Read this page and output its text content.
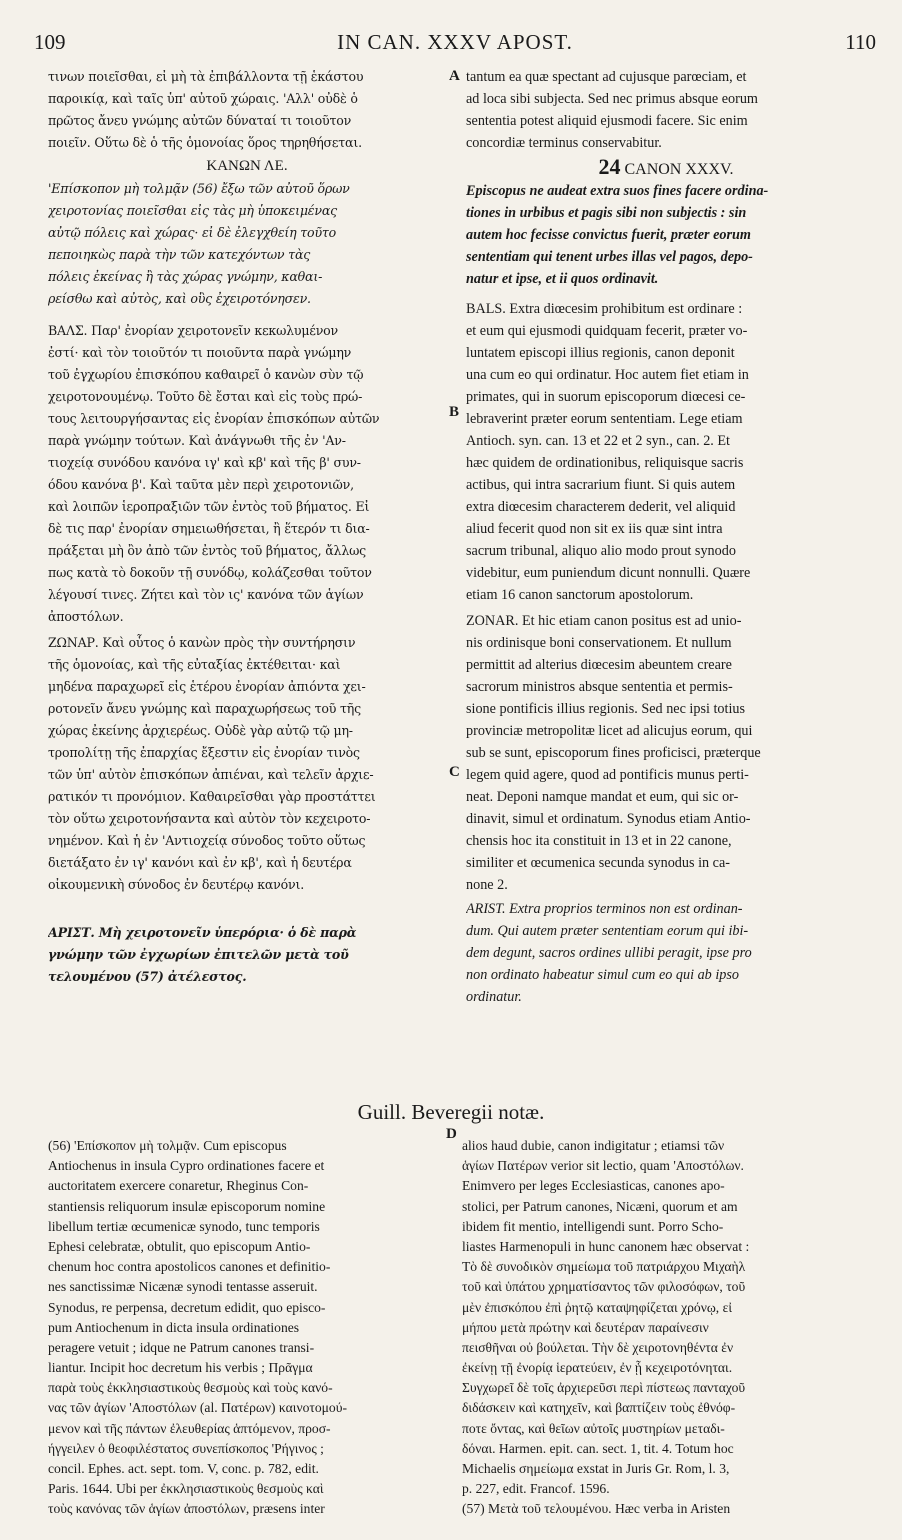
109	IN CAN. XXXV APOST.	110
A
B
C
D
τινων ποιεῖσθαι, εἰ μὴ τὰ ἐπιβάλλοντα τῇ ἑκάστου
παροικίᾳ, καὶ ταῖς ὑπ' αὐτοῦ χώραις. 'Αλλ' οὐδὲ ὁ
πρῶτος ἄνευ γνώμης αὐτῶν δύναταί τι τοιοῦτον
ποιεῖν. Οὕτω δὲ ὁ τῆς ὁμονοίας ὅρος τηρηθήσεται.
ΚΑΝΩΝ ΛΕ.
'Επίσκοπον μὴ τολμᾷν (56) ἔξω τῶν αὐτοῦ ὅρων
χειροτονίας ποιεῖσθαι εἰς τὰς μὴ ὑποκειμένας
αὐτῷ πόλεις καὶ χώρας· εἰ δὲ ἐλεγχθείη τοῦτο
πεποιηκὼς παρὰ τὴν τῶν κατεχόντων τὰς
πόλεις ἐκείνας ἢ τὰς χώρας γνώμην, καθαι-
ρείσθω καὶ αὐτὸς, καὶ οὓς ἐχειροτόνησεν.
ΒΑΛΣ. Παρ' ἐνορίαν χειροτονεῖν κεκωλυμένον
ἐστί· καὶ τὸν τοιοῦτόν τι ποιοῦντα παρὰ γνώμην
τοῦ ἐγχωρίου ἐπισκόπου καθαιρεῖ ὁ κανὼν σὺν τῷ
χειροτονουμένῳ. Τοῦτο δὲ ἔσται καὶ εἰς τοὺς πρώ-
τους λειτουργήσαντας εἰς ἐνορίαν ἐπισκόπων αὐτῶν
παρὰ γνώμην τούτων. Καὶ ἀνάγνωθι τῆς ἐν 'Αν-
τιοχείᾳ συνόδου κανόνα ιγ' καὶ κβ' καὶ τῆς β' συν-
όδου κανόνα β'. Καὶ ταῦτα μὲν περὶ χειροτονιῶν,
καὶ λοιπῶν ἱεροπραξιῶν τῶν ἐντὸς τοῦ βήματος. Εἰ
δὲ τις παρ' ἐνορίαν σημειωθήσεται, ἢ ἕτερόν τι δια-
πράξεται μὴ ὂν ἀπὸ τῶν ἐντὸς τοῦ βήματος, ἄλλως
πως κατὰ τὸ δοκοῦν τῇ συνόδῳ, κολάζεσθαι τοῦτον
λέγουσί τινες. Ζήτει καὶ τὸν ις' κανόνα τῶν ἁγίων
ἀποστόλων.
ΖΩΝΑΡ. Καὶ οὗτος ὁ κανὼν πρὸς τὴν συντήρησιν
τῆς ὁμονοίας, καὶ τῆς εὐταξίας ἐκτέθειται· καὶ
μηδένα παραχωρεῖ εἰς ἑτέρου ἐνορίαν ἀπιόντα χει-
ροτονεῖν ἄνευ γνώμης καὶ παραχωρήσεως τοῦ τῆς
χώρας ἐκείνης ἀρχιερέως. Οὐδὲ γὰρ αὐτῷ τῷ μη-
τροπολίτῃ τῆς ἐπαρχίας ἔξεστιν εἰς ἐνορίαν τινὸς
τῶν ὑπ' αὐτὸν ἐπισκόπων ἀπιέναι, καὶ τελεῖν ἀρχιε-
ρατικόν τι προνόμιον. Καθαιρεῖσθαι γὰρ προστάττει
τὸν οὕτω χειροτονήσαντα καὶ αὐτὸν τὸν κεχειροτο-
νημένον. Καὶ ἡ ἐν 'Αντιοχείᾳ σύνοδος τοῦτο οὕτως
διετάξατο ἐν ιγ' κανόνι καὶ ἐν κβ', καὶ ἡ δευτέρα
οἰκουμενικὴ σύνοδος ἐν δευτέρῳ κανόνι.
ΑΡΙΣΤ. Μὴ χειροτονεῖν ὑπερόρια· ὁ δὲ παρὰ
γνώμην τῶν ἐγχωρίων ἐπιτελῶν μετὰ τοῦ
τελουμένου (57) ἀτέλεστος.
tantum ea quæ spectant ad cujusque parœciam, et
ad loca sibi subjecta. Sed nec primus absque eorum
sententia potest aliquid ejusmodi facere. Sic enim
concordiæ terminus conservabitur.
24 CANON XXXV.
Episcopus ne audeat extra suos fines facere ordina-
tiones in urbibus et pagis sibi non subjectis : sin
autem hoc fecisse convictus fuerit, præter eorum
sententiam qui tenent urbes illas vel pagos, depo-
natur et ipse, et ii quos ordinavit.
BALS. Extra diœcesim prohibitum est ordinare :
et eum qui ejusmodi quidquam fecerit, præter vo-
luntatem episcopi illius regionis, canon deponit
una cum eo qui ordinatur. Hoc autem fiet etiam in
primates, qui in suorum episcoporum diœcesi ce-
lebraverint præter eorum sententiam. Lege etiam
Antioch. syn. can. 13 et 22 et 2 syn., can. 2. Et
hæc quidem de ordinationibus, reliquisque sacris
actibus, qui intra sacrarium fiunt. Si quis autem
extra diœcesim characterem dederit, vel aliquid
aliud fecerit quod non sit ex iis quæ sint intra
sacrum tribunal, aliquo alio modo prout synodo
videbitur, eum puniendum dicunt nonnulli. Quære
etiam 16 canon sanctorum apostolorum.
ZONAR. Et hic etiam canon positus est ad unio-
nis ordinisque boni conservationem. Et nullum
permittit ad alterius diœcesim abeuntem creare
sacrorum ministros absque sententia et permis-
sione pontificis illius regionis. Sed nec ipsi totius
provinciæ metropolitæ licet ad alicujus eorum, qui
sub se sunt, episcoporum fines proficisci, præterque
legem quid agere, quod ad pontificis munus perti-
neat. Deponi namque mandat et eum, qui sic or-
dinavit, simul et ordinatum. Synodus etiam Antio-
chensis hoc ita constituit in 13 et in 22 canone,
similiter et œcumenica secunda synodus in ca-
none 2.
ARIST. Extra proprios terminos non est ordinan-
dum. Qui autem præter sententiam eorum qui ibi-
dem degunt, sacros ordines ullibi peragit, ipse pro
non ordinato habeatur simul cum eo qui ab ipso
ordinatur.
Guill. Beveregii notæ.
(56) 'Επίσκοπον μὴ τολμᾷν. Cum episcopus
Antiochenus in insula Cypro ordinationes facere et
auctoritatem exercere conaretur, Rheginus Con-
stantiensis reliquorum insulæ episcoporum nomine
libellum tertiæ œcumenicæ synodo, tunc temporis
Ephesi celebratæ, obtulit, quo episcopum Antio-
chenum hoc contra apostolicos canones et definitio-
nes sanctissimæ Nicænæ synodi tentasse asseruit.
Synodus, re perpensa, decretum edidit, quo episco-
pum Antiochenum in dicta insula ordinationes
peragere vetuit ; idque ne Patrum canones transi-
liantur. Incipit hoc decretum his verbis ; Πρᾶγμα
παρὰ τοὺς ἐκκλησιαστικοὺς θεσμοὺς καὶ τοὺς κανό-
νας τῶν ἁγίων 'Αποστόλων (al. Πατέρων) καινοτομού-
μενον καὶ τῆς πάντων ἐλευθερίας ἁπτόμενον, προσ-
ήγγειλεν ὁ θεοφιλέστατος συνεπίσκοπος 'Ρήγινος ;
concil. Ephes. act. sept. tom. V, conc. p. 782, edit.
Paris. 1644. Ubi per ἐκκλησιαστικοὺς θεσμοὺς καὶ
τοὺς κανόνας τῶν ἁγίων ἀποστόλων, præsens inter
alios haud dubie, canon indigitatur ; etiamsi τῶν
ἁγίων Πατέρων verior sit lectio, quam 'Αποστόλων.
Enimvero per leges Ecclesiasticas, canones apo-
stolici, per Patrum canones, Nicæni, quorum et am
ibidem fit mentio, intelligendi sunt. Porro Scho-
liastes Harmenopuli in hunc canonem hæc observat :
Τὸ δὲ συνοδικὸν σημείωμα τοῦ πατριάρχου Μιχαὴλ
τοῦ καὶ ὑπάτου χρηματίσαντος τῶν φιλοσόφων, τοῦ
μὲν ἐπισκόπου ἐπὶ ῥητῷ καταψηφίζεται χρόνῳ, εἰ
μήπου μετὰ πρώτην καὶ δευτέραν παραίνεσιν
πεισθῆναι οὐ βούλεται. Τὴν δὲ χειροτονηθέντα ἐν
ἐκείνῃ τῇ ἐνορίᾳ ἱερατεύειν, ἐν ᾗ κεχειροτόνηται.
Συγχωρεῖ δὲ τοῖς ἀρχιερεῦσι περὶ πίστεως πανταχοῦ
διδάσκειν καὶ κατηχεῖν, καὶ βαπτίζειν τοὺς ἐθνόφ-
ποτε ὄντας, καὶ θεῖων αὐτοῖς μυστηρίων μεταδι-
δόναι. Harmen. epit. can. sect. 1, tit. 4. Totum hoc
Michaelis σημείωμα exstat in Juris Gr. Rom, l. 3,
p. 227, edit. Francof. 1596.
(57) Μετὰ τοῦ τελουμένου. Hæc verba in Aristen
